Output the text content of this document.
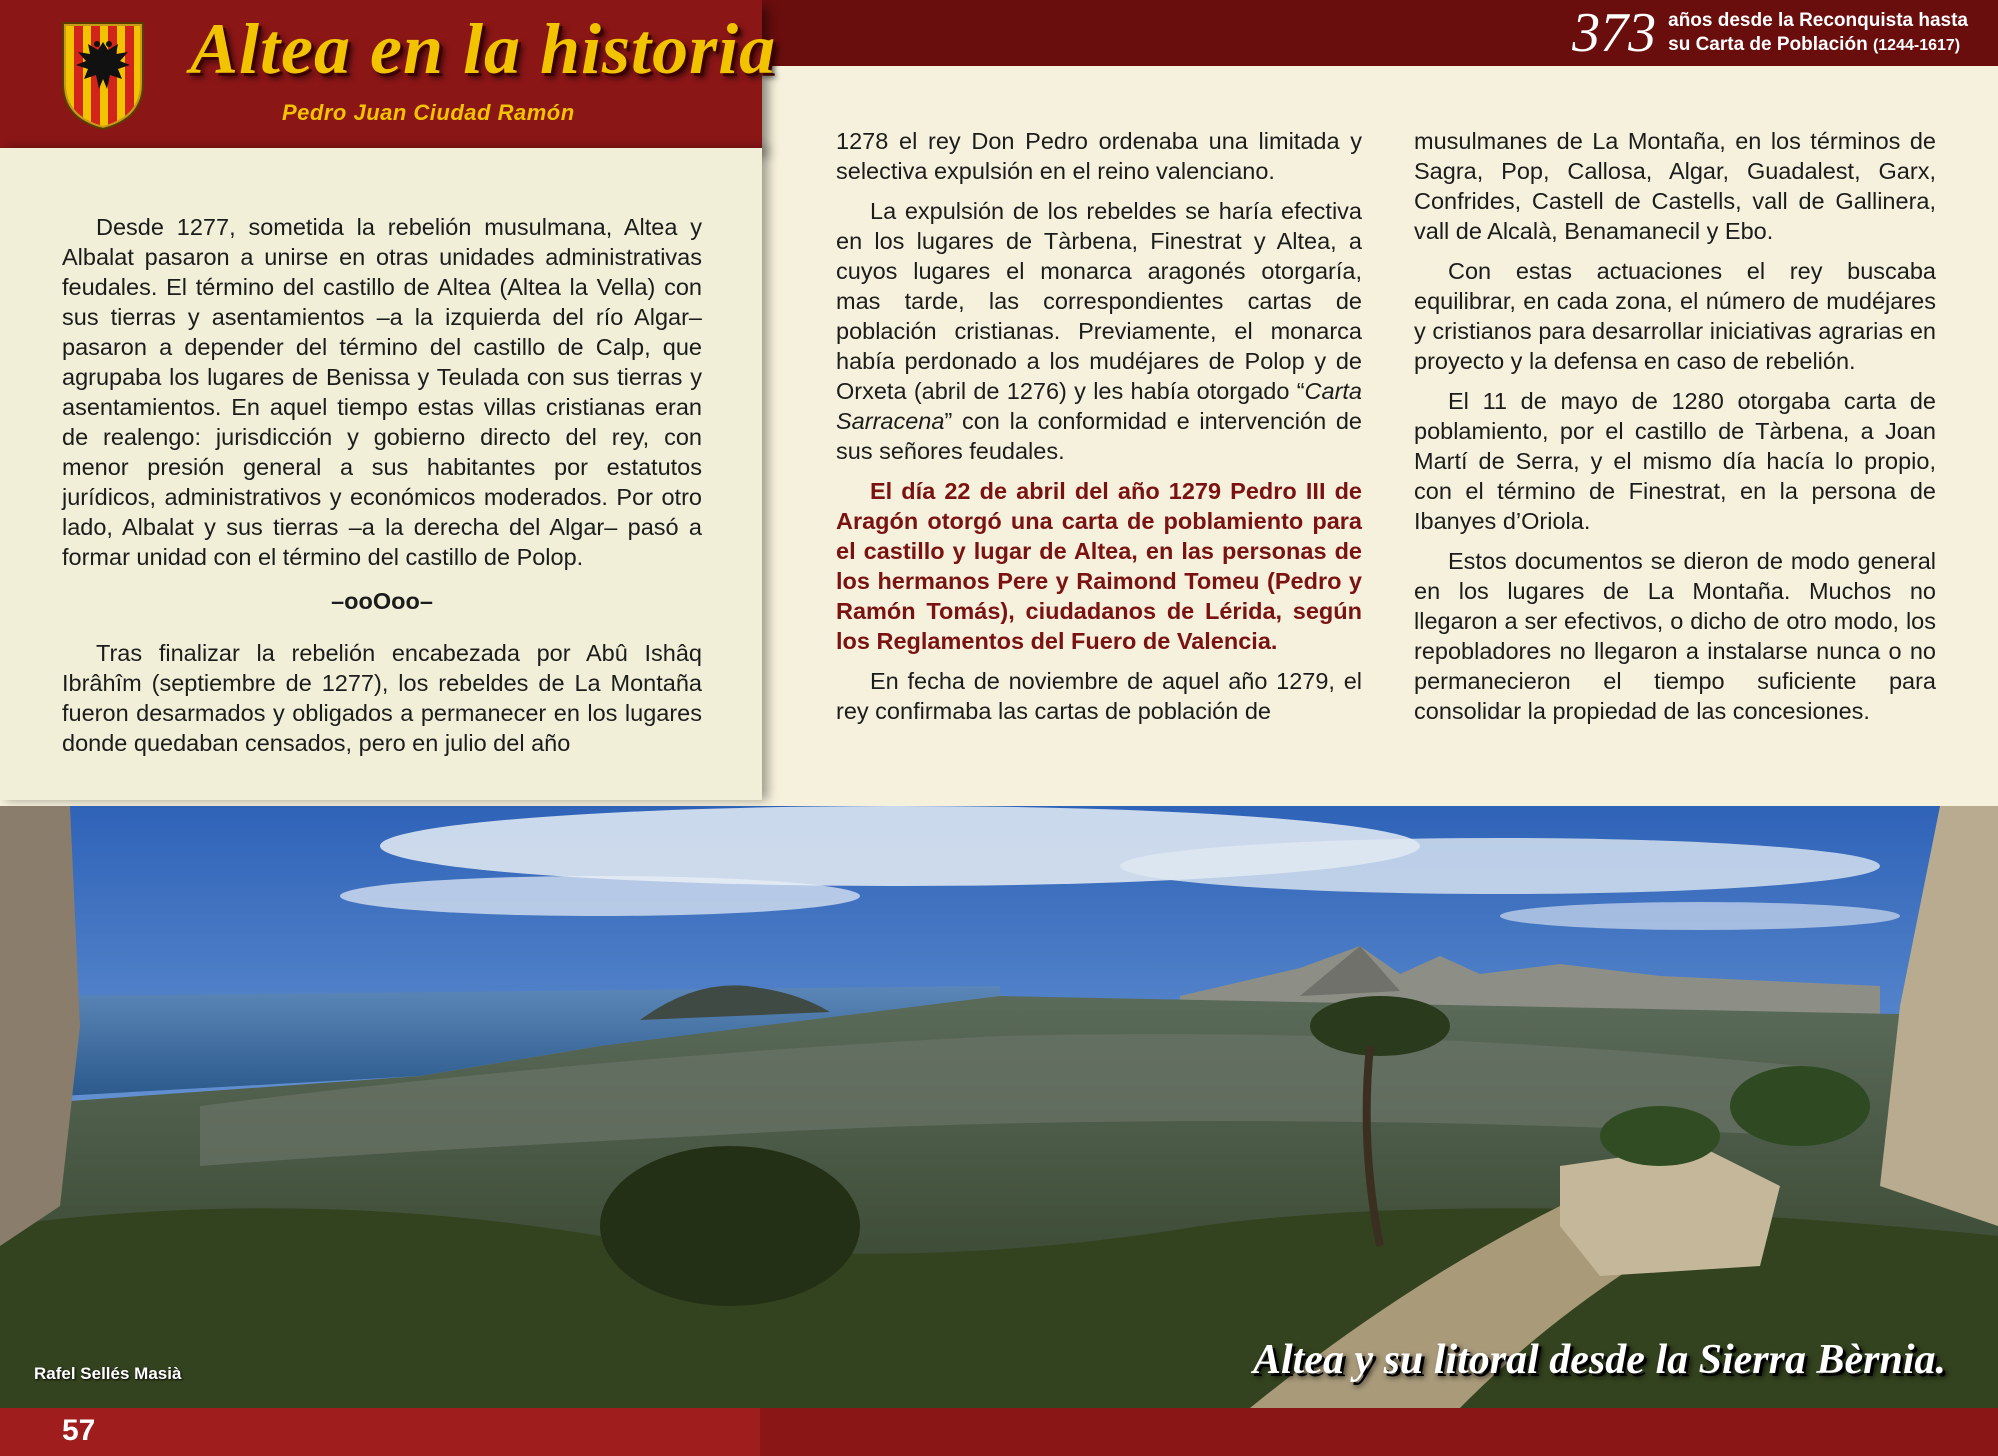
373 años desde la Reconquista hasta
su Carta de Población (1244-1617)
Altea en la historia
Pedro Juan Ciudad Ramón

Desde 1277, sometida la rebelión musulmana, Altea y Albalat pasaron a unirse en otras unidades administrativas feudales. El término del castillo de Altea (Altea la Vella) con sus tierras y asentamientos –a la izquierda del río Algar– pasaron a depender del término del castillo de Calp, que agrupaba los lugares de Benissa y Teulada con sus tierras y asentamientos. En aquel tiempo estas villas cristianas eran de realengo: jurisdicción y gobierno directo del rey, con menor presión general a sus habitantes por estatutos jurídicos, administrativos y económicos moderados. Por otro lado, Albalat y sus tierras –a la derecha del Algar– pasó a formar unidad con el término del castillo de Polop.

–ooOoo–

Tras finalizar la rebelión encabezada por Abû Ishâq Ibrâhîm (septiembre de 1277), los rebeldes de La Montaña fueron desarmados y obligados a permanecer en los lugares donde quedaban censados, pero en julio del año

1278 el rey Don Pedro ordenaba una limitada y selectiva expulsión en el reino valenciano.

La expulsión de los rebeldes se haría efectiva en los lugares de Tàrbena, Finestrat y Altea, a cuyos lugares el monarca aragonés otorgaría, mas tarde, las correspondientes cartas de población cristianas. Previamente, el monarca había perdonado a los mudéjares de Polop y de Orxeta (abril de 1276) y les había otorgado “Carta Sarracena” con la conformidad e intervención de sus señores feudales.

El día 22 de abril del año 1279 Pedro III de Aragón otorgó una carta de poblamiento para el castillo y lugar de Altea, en las personas de los hermanos Pere y Raimond Tomeu (Pedro y Ramón Tomás), ciudadanos de Lérida, según los Reglamentos del Fuero de Valencia.

En fecha de noviembre de aquel año 1279, el rey confirmaba las cartas de población de

musulmanes de La Montaña, en los términos de Sagra, Pop, Callosa, Algar, Guadalest, Garx, Confrides, Castell de Castells, vall de Gallinera, vall de Alcalà, Benamanecil y Ebo.

Con estas actuaciones el rey buscaba equilibrar, en cada zona, el número de mudéjares y cristianos para desarrollar iniciativas agrarias en proyecto y la defensa en caso de rebelión.

El 11 de mayo de 1280 otorgaba carta de poblamiento, por el castillo de Tàrbena, a Joan Martí de Serra, y el mismo día hacía lo propio, con el término de Finestrat, en la persona de Ibanyes d’Oriola.

Estos documentos se dieron de modo general en los lugares de La Montaña. Muchos no llegaron a ser efectivos, o dicho de otro modo, los repobladores no llegaron a instalarse nunca o no permanecieron el tiempo suficiente para consolidar la propiedad de las concesiones.

Rafel Sellés Masià	Altea y su litoral desde la Sierra Bèrnia.
57
